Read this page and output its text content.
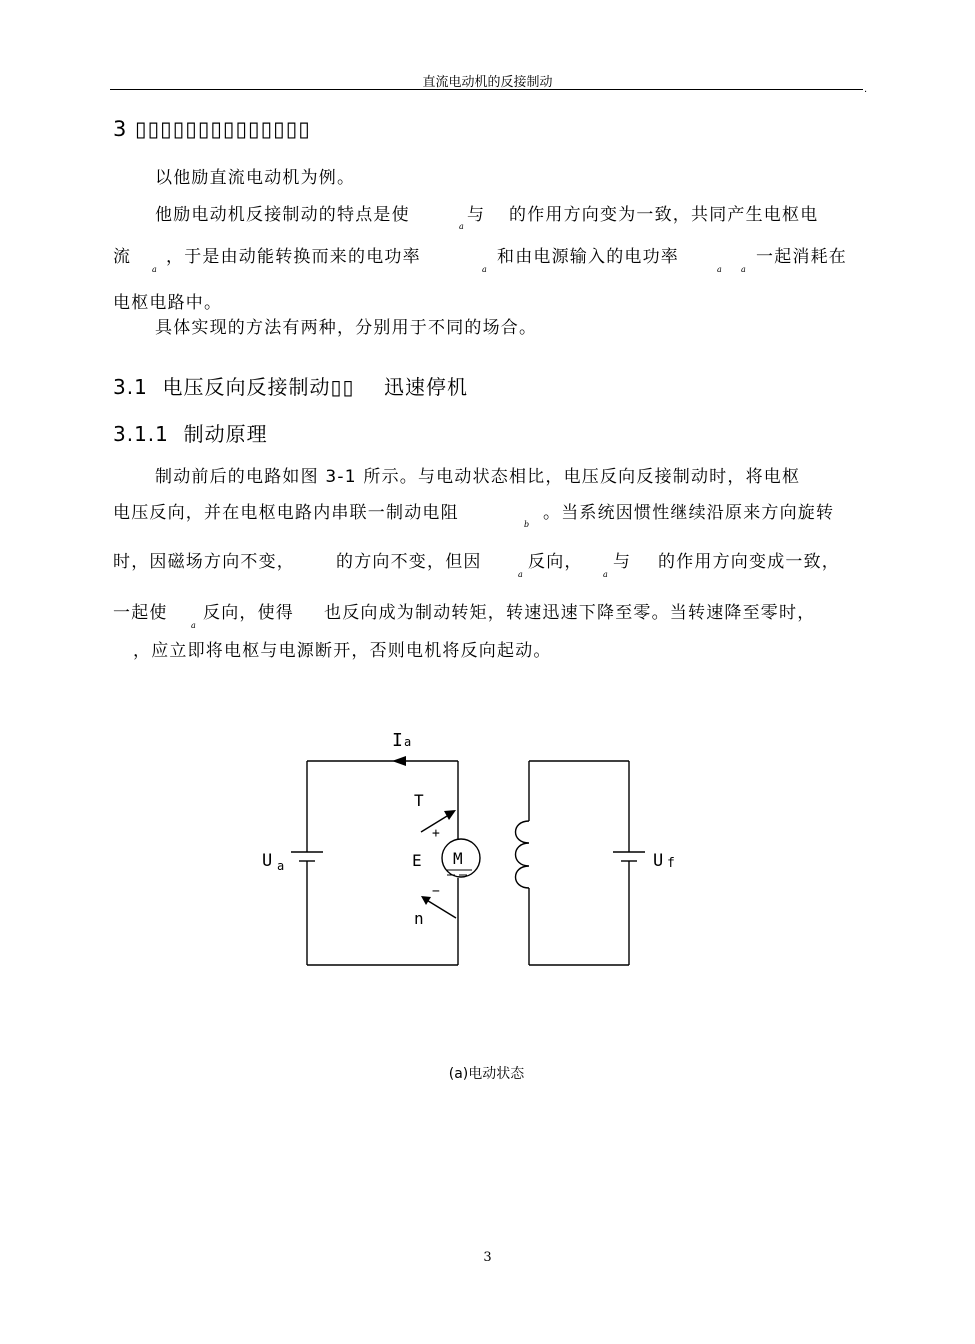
直流电动机的反接制动	.
3 ▯▯▯▯▯▯▯▯▯▯▯▯▯▯
以他励直流电动机为例。
他励电动机反接制动的特点是使
a
与 的作用方向变为一致，共同产生电枢电
流
a
，于是由动能转换而来的电功率
a
和由电源输入的电功率
a a
一起消耗在
电枢电路中。
具体实现的方法有两种，分别用于不同的场合。
3.1 电压反向反接制动▯▯ 迅速停机
3.1.1 制动原理
制动前后的电路如图 3-1 所示。与电动状态相比，电压反向反接制动时，将电枢
电压反向，并在电枢电路内串联一制动电阻
b
。当系统因惯性继续沿原来方向旋转
时，因磁场方向不变， 的方向不变，但因
a
反向，
a
与 的作用方向变成一致，
一起使
a
反向，使得 也反向成为制动转矩，转速迅速下降至零。当转速降至零时，
，应立即将电枢与电源断开，否则电机将反向起动。
I a
T
+
E
−
n
M
U a	U f
(a)电动状态
3
